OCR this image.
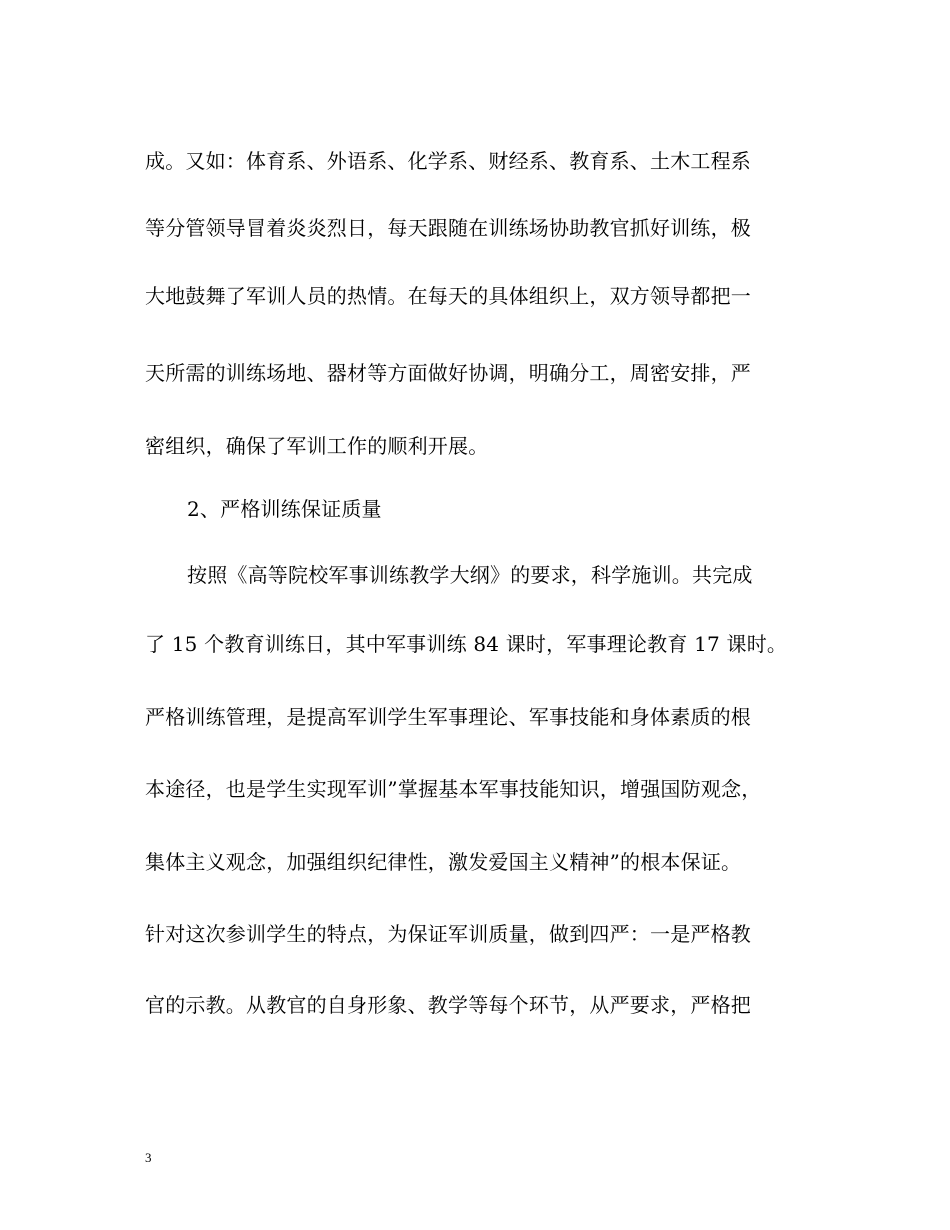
成。又如：体育系、外语系、化学系、财经系、教育系、土木工程系
等分管领导冒着炎炎烈日，每天跟随在训练场协助教官抓好训练，极
大地鼓舞了军训人员的热情。在每天的具体组织上，双方领导都把一
天所需的训练场地、器材等方面做好协调，明确分工，周密安排，严
密组织，确保了军训工作的顺利开展。
2、严格训练保证质量
按照《高等院校军事训练教学大纲》的要求，科学施训。共完成
了 15 个教育训练日，其中军事训练 84 课时，军事理论教育 17 课时。
严格训练管理，是提高军训学生军事理论、军事技能和身体素质的根
本途径，也是学生实现军训”掌握基本军事技能知识，增强国防观念，
集体主义观念，加强组织纪律性，激发爱国主义精神”的根本保证。
针对这次参训学生的特点，为保证军训质量，做到四严：一是严格教
官的示教。从教官的自身形象、教学等每个环节，从严要求，严格把
3
